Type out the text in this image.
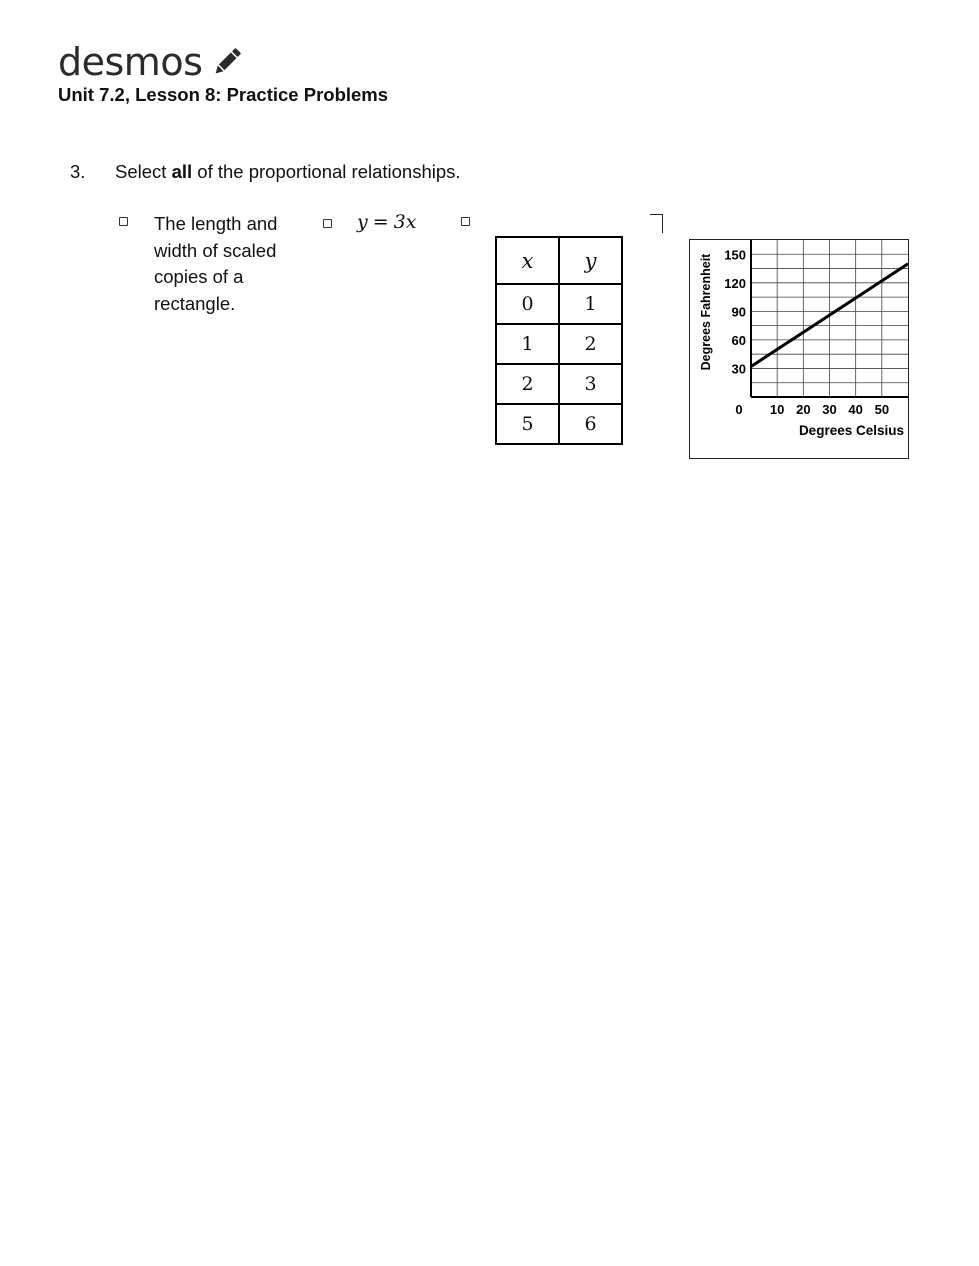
desmos
Unit 7.2, Lesson 8: Practice Problems
3. Select all of the proportional relationships.
The length and width of scaled copies of a rectangle.
y = 3x
x	y
0	1
1	2
2	3
5	6
30
60
90
120
150
10 20 30 40 50
0
Degrees Celsius
Degrees Fahrenheit
